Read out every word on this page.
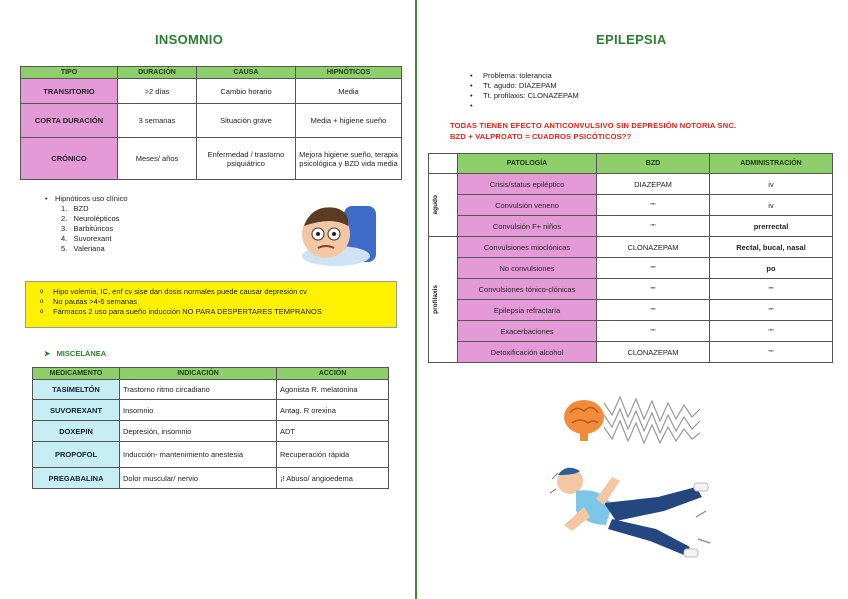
INSOMNIO
TIPO	DURACIÓN	CAUSA	HIPNÓTICOS
TRANSITORIO	>2 días	Cambio horario	Media
CORTA DURACIÓN	3 semanas	Situación grave	Media + higiene sueño
CRÓNICO	Meses/ años	Enfermedad / trastorno psiquiátrico	Mejora higiene sueño, terapia psicológica y BZD vida media
• Hipnóticos uso clínico
1. BZD
2. Neurolépticos
3. Barbitúricos
4. Suvorexant
5. Valeriana
o Hipo volemia, IC, enf cv sise dan dosis normales puede causar depresión cv
o No pautas >4-6 semanas
o Fármacos 2 uso para sueño inducción NO PARA DESPERTARES TEMPRANOS
➤ MISCELÁNEA
MEDICAMENTO	INDICACIÓN	ACCIÓN
TASIMELTÓN	Trastorno ritmo circadiano	Agonista R. melatonina
SUVOREXANT	Insomnio	Antag. R orexina
DOXEPIN	Depresión, insomnio	ADT
PROPOFOL	Inducción- mantenimiento anestesia	Recuperación rápida
PREGABALINA	Dolor muscular/ nervio	¡! Abuso/ angioedema
EPILEPSIA
• Problema: tolerancia
• Tt. agudo: DIAZEPAM
• Tt. profilaxis: CLONAZEPAM
•
TODAS TIENEN EFECTO ANTICONVULSIVO SIN DEPRESIÓN NOTORIA SNC.
BZD + VALPROATO = CUADROS PSICÓTICOS??
	PATOLOGÍA	BZD	ADMINISTRACIÓN

agudo	Crisis/status epiléptico	DIAZEPAM	iv
	Convulsión veneno	""	iv
	Convulsión F+ niños	""	prerrectal

profilaxis	Convulsiones mioclónicas	CLONAZEPAM	Rectal, bucal, nasal
	No convulsiones	""	po
	Convulsiones tónico-clónicas	""	""
	Epilepsia refractaria	""	""
	Exacerbaciones	""	""
	Detoxificación alcohol	CLONAZEPAM	""
